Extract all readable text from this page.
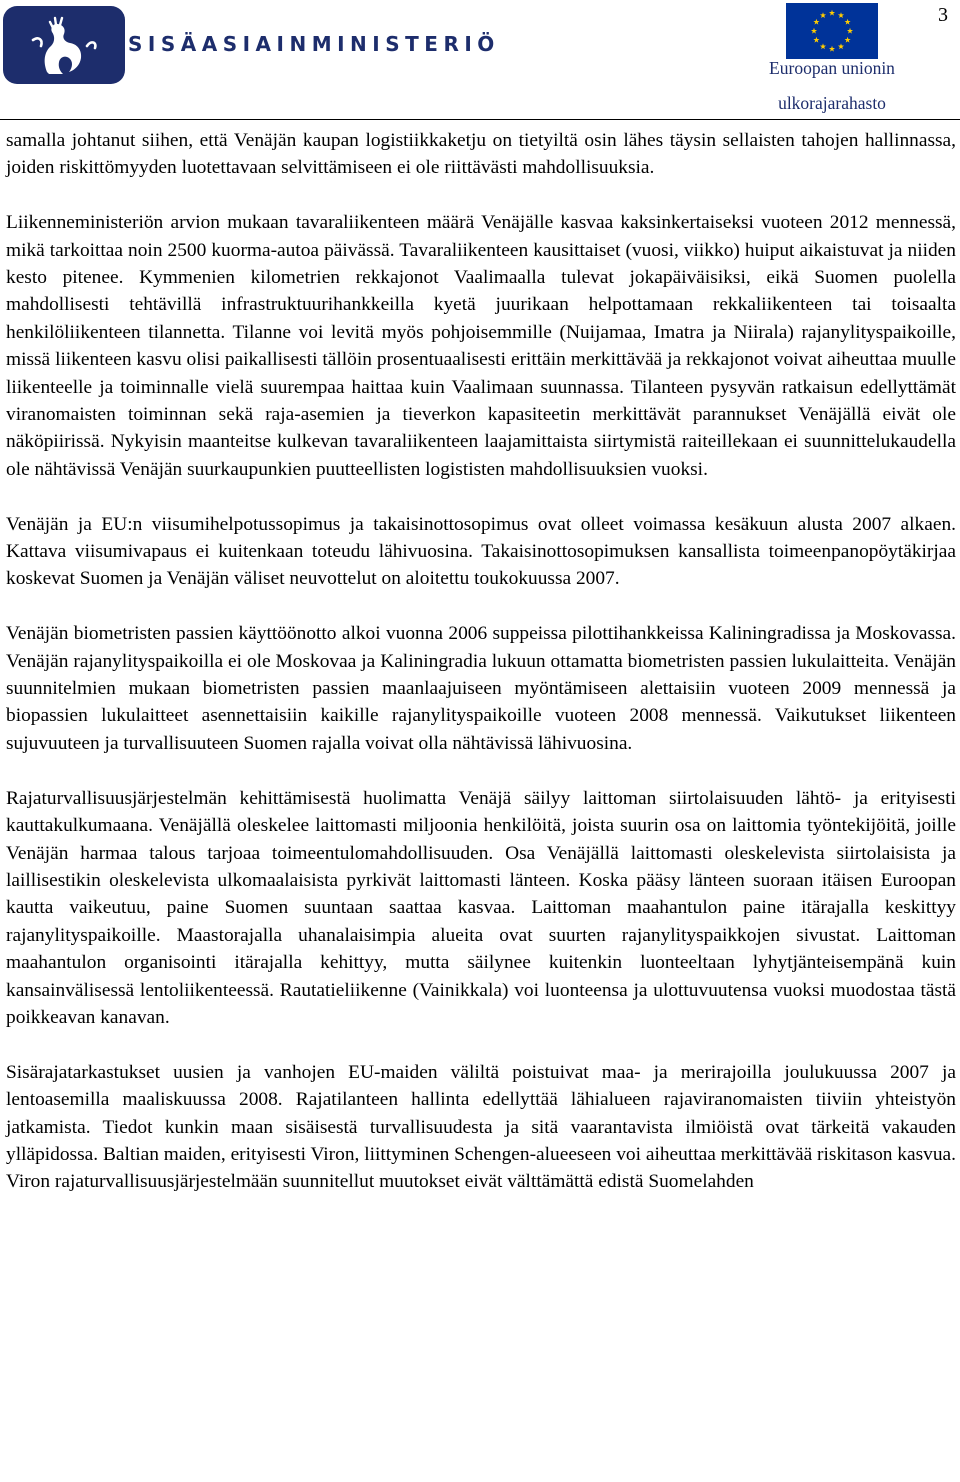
SISÄASIAINMINISTERIÖ
3
Euroopan unionin
ulkorajarahasto

samalla johtanut siihen, että Venäjän kaupan logistiikkaketju on tietyiltä osin lähes täysin sellaisten tahojen hallinnassa, joiden riskittömyyden luotettavaan selvittämiseen ei ole riittävästi mahdollisuuksia.

Liikenneministeriön arvion mukaan tavaraliikenteen määrä Venäjälle kasvaa kaksinkertaiseksi vuoteen 2012 mennessä, mikä tarkoittaa noin 2500 kuorma-autoa päivässä. Tavaraliikenteen kausittaiset (vuosi, viikko) huiput aikaistuvat ja niiden kesto pitenee. Kymmenien kilometrien rekkajonot Vaalimaalla tulevat jokapäiväisiksi, eikä Suomen puolella mahdollisesti tehtävillä infrastruktuurihankkeilla kyetä juurikaan helpottamaan rekkaliikenteen tai toisaalta henkilöliikenteen tilannetta. Tilanne voi levitä myös pohjoisemmille (Nuijamaa, Imatra ja Niirala) rajanylityspaikoille, missä liikenteen kasvu olisi paikallisesti tällöin prosentuaalisesti erittäin merkittävää ja rekkajonot voivat aiheuttaa muulle liikenteelle ja toiminnalle vielä suurempaa haittaa kuin Vaalimaan suunnassa. Tilanteen pysyvän ratkaisun edellyttämät viranomaisten toiminnan sekä raja-asemien ja tieverkon kapasiteetin merkittävät parannukset Venäjällä eivät ole näköpiirissä. Nykyisin maanteitse kulkevan tavaraliikenteen laajamittaista siirtymistä raiteillekaan ei suunnittelukaudella ole nähtävissä Venäjän suurkaupunkien puutteellisten logististen mahdollisuuksien vuoksi.

Venäjän ja EU:n viisumihelpotussopimus ja takaisinottosopimus ovat olleet voimassa kesäkuun alusta 2007 alkaen. Kattava viisumivapaus ei kuitenkaan toteudu lähivuosina. Takaisinottosopimuksen kansallista toimeenpanopöytäkirjaa koskevat Suomen ja Venäjän väliset neuvottelut on aloitettu toukokuussa 2007.

Venäjän biometristen passien käyttöönotto alkoi vuonna 2006 suppeissa pilottihankkeissa Kaliningradissa ja Moskovassa. Venäjän rajanylityspaikoilla ei ole Moskovaa ja Kaliningradia lukuun ottamatta biometristen passien lukulaitteita. Venäjän suunnitelmien mukaan biometristen passien maanlaajuiseen myöntämiseen alettaisiin vuoteen 2009 mennessä ja biopassien lukulaitteet asennettaisiin kaikille rajanylityspaikoille vuoteen 2008 mennessä. Vaikutukset liikenteen sujuvuuteen ja turvallisuuteen Suomen rajalla voivat olla nähtävissä lähivuosina.

Rajaturvallisuusjärjestelmän kehittämisestä huolimatta Venäjä säilyy laittoman siirtolaisuuden lähtö- ja erityisesti kauttakulkumaana. Venäjällä oleskelee laittomasti miljoonia henkilöitä, joista suurin osa on laittomia työntekijöitä, joille Venäjän harmaa talous tarjoaa toimeentulomahdollisuuden. Osa Venäjällä laittomasti oleskelevista siirtolaisista ja laillisestikin oleskelevista ulkomaalaisista pyrkivät laittomasti länteen. Koska pääsy länteen suoraan itäisen Euroopan kautta vaikeutuu, paine Suomen suuntaan saattaa kasvaa. Laittoman maahantulon paine itärajalla keskittyy rajanylityspaikoille. Maastorajalla uhanalaisimpia alueita ovat suurten rajanylityspaikkojen sivustat. Laittoman maahantulon organisointi itärajalla kehittyy, mutta säilynee kuitenkin luonteeltaan lyhytjänteisempänä kuin kansainvälisessä lentoliikenteessä. Rautatieliikenne (Vainikkala) voi luonteensa ja ulottuvuutensa vuoksi muodostaa tästä poikkeavan kanavan.

Sisärajatarkastukset uusien ja vanhojen EU-maiden väliltä poistuivat maa- ja merirajoilla joulukuussa 2007 ja lentoasemilla maaliskuussa 2008. Rajatilanteen hallinta edellyttää lähialueen rajaviranomaisten tiiviin yhteistyön jatkamista. Tiedot kunkin maan sisäisestä turvallisuudesta ja sitä vaarantavista ilmiöistä ovat tärkeitä vakauden ylläpidossa. Baltian maiden, erityisesti Viron, liittyminen Schengen-alueeseen voi aiheuttaa merkittävää riskitason kasvua. Viron rajaturvallisuusjärjestelmään suunnitellut muutokset eivät välttämättä edistä Suomelahden
